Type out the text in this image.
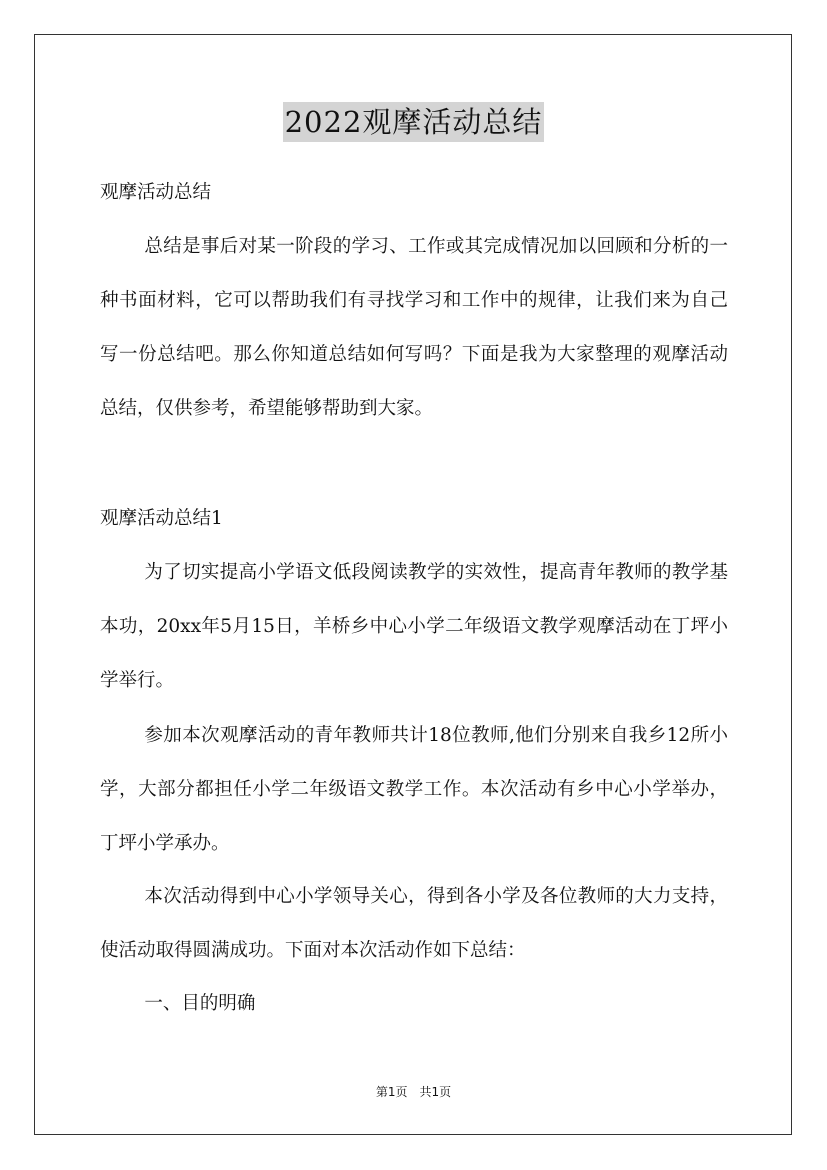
2022观摩活动总结

观摩活动总结

总结是事后对某一阶段的学习、工作或其完成情况加以回顾和分析的一种书面材料，它可以帮助我们有寻找学习和工作中的规律，让我们来为自己写一份总结吧。那么你知道总结如何写吗？下面是我为大家整理的观摩活动总结，仅供参考，希望能够帮助到大家。

观摩活动总结1

为了切实提高小学语文低段阅读教学的实效性，提高青年教师的教学基本功，20xx年5月15日，羊桥乡中心小学二年级语文教学观摩活动在丁坪小学举行。

参加本次观摩活动的青年教师共计18位教师,他们分别来自我乡12所小学，大部分都担任小学二年级语文教学工作。本次活动有乡中心小学举办，丁坪小学承办。

本次活动得到中心小学领导关心，得到各小学及各位教师的大力支持，使活动取得圆满成功。下面对本次活动作如下总结：

一、目的明确

第1页　共1页
